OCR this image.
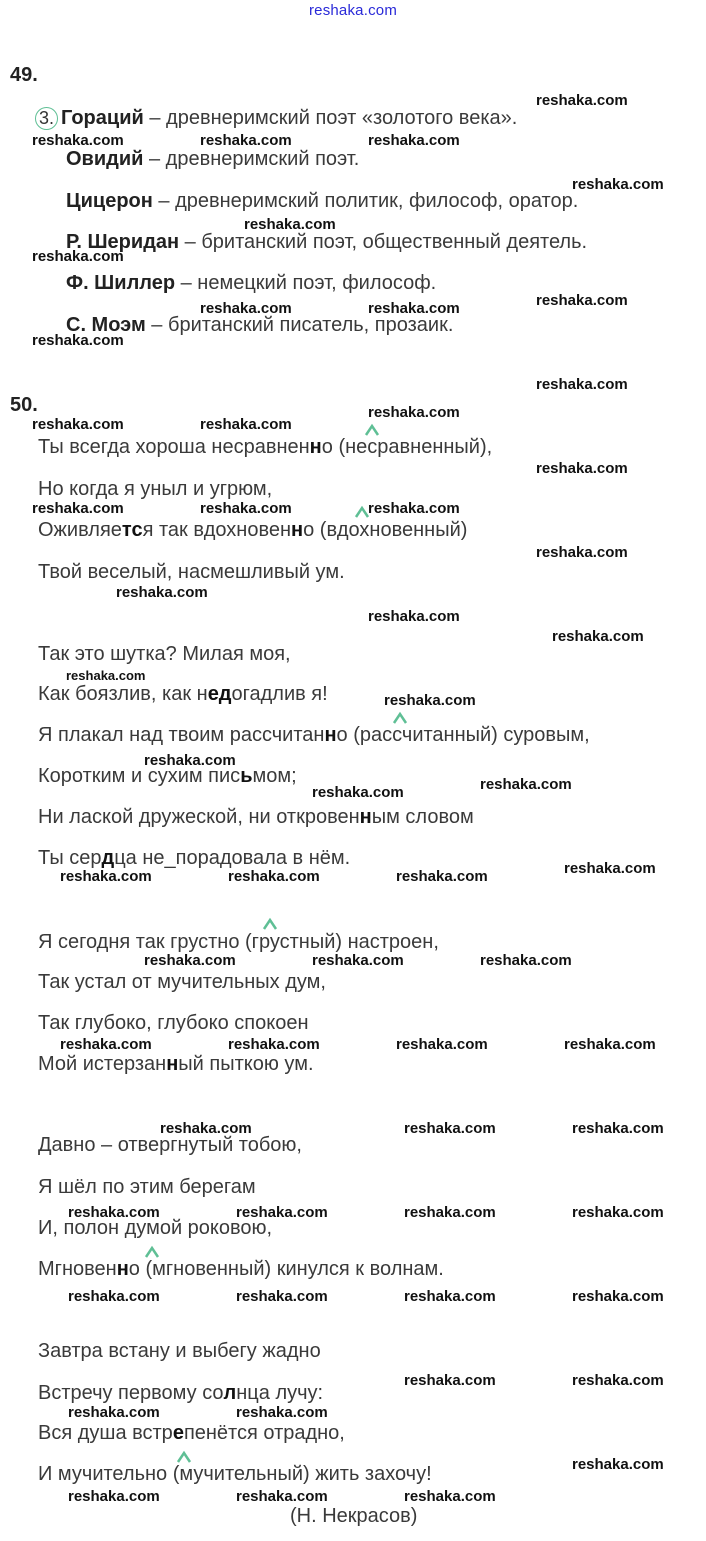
reshaka.com
49.
3. Гораций – древнеримский поэт «золотого века».
Овидий – древнеримский поэт.
Цицерон – древнеримский политик, философ, оратор.
Р. Шеридан – британский поэт, общественный деятель.
Ф. Шиллер – немецкий поэт, философ.
С. Моэм – британский писатель, прозаик.
50.
Ты всегда хороша несравненно (несравненный),
Но когда я уныл и угрюм,
Оживляется так вдохновенно (вдохновенный)
Твой веселый, насмешливый ум.
Так это шутка? Милая моя,
Как боязлив, как недогадлив я!
Я плакал над твоим рассчитанно (рассчитанный) суровым,
Коротким и сухим письмом;
Ни лаской дружеской, ни откровенным словом
Ты сердца не_порадовала в нём.
Я сегодня так грустно (грустный) настроен,
Так устал от мучительных дум,
Так глубоко, глубоко спокоен
Мой истерзанный пыткою ум.
Давно – отвергнутый тобою,
Я шёл по этим берегам
И, полон думой роковою,
Мгновенно (мгновенный) кинулся к волнам.
Завтра встану и выбегу жадно
Встречу первому солнца лучу:
Вся душа встрепенётся отрадно,
И мучительно (мучительный) жить захочу!
(Н. Некрасов)
reshaka.com
reshaka.com	reshaka.com	reshaka.com
reshaka.com
reshaka.com
reshaka.com
reshaka.com
reshaka.com	reshaka.com
reshaka.com
reshaka.com
reshaka.com
reshaka.com	reshaka.com
reshaka.com
reshaka.com	reshaka.com	reshaka.com
reshaka.com
reshaka.com
reshaka.com
reshaka.com
reshaka.com
reshaka.com
reshaka.com
reshaka.com
reshaka.com
reshaka.com
reshaka.com	reshaka.com	reshaka.com
reshaka.com	reshaka.com	reshaka.com
reshaka.com	reshaka.com	reshaka.com	reshaka.com
reshaka.com	reshaka.com	reshaka.com
reshaka.com	reshaka.com	reshaka.com	reshaka.com
reshaka.com	reshaka.com	reshaka.com	reshaka.com
reshaka.com	reshaka.com
reshaka.com	reshaka.com
reshaka.com
reshaka.com	reshaka.com	reshaka.com
